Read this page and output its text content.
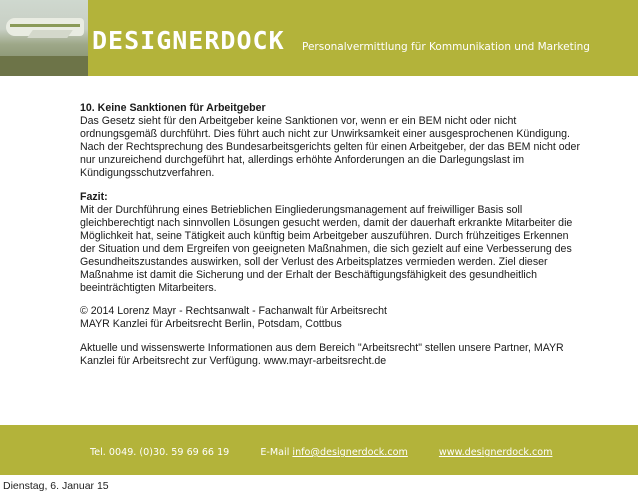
DESIGNERDOCK Personalvermittlung für Kommunikation und Marketing

10. Keine Sanktionen für Arbeitgeber
Das Gesetz sieht für den Arbeitgeber keine Sanktionen vor, wenn er ein BEM nicht oder nicht ordnungsgemäß durchführt. Dies führt auch nicht zur Unwirksamkeit einer ausgesprochenen Kündigung. Nach der Rechtsprechung des Bundesarbeitsgerichts gelten für einen Arbeitgeber, der das BEM nicht oder nur unzureichend durchgeführt hat, allerdings erhöhte Anforderungen an die Darlegungslast im Kündigungsschutzverfahren.

Fazit:
Mit der Durchführung eines Betrieblichen Eingliederungsmanagement auf freiwilliger Basis soll gleichberechtigt nach sinnvollen Lösungen gesucht werden, damit der dauerhaft erkrankte Mitarbeiter die Möglichkeit hat, seine Tätigkeit auch künftig beim Arbeitgeber auszuführen. Durch frühzeitiges Erkennen der Situation und dem Ergreifen von geeigneten Maßnahmen, die sich gezielt auf eine Verbesserung des Gesundheitszustandes auswirken, soll der Verlust des Arbeitsplatzes vermieden werden. Ziel dieser Maßnahme ist damit die Sicherung und der Erhalt der Beschäftigungsfähigkeit des gesundheitlich beeinträchtigten Mitarbeiters.

© 2014 Lorenz Mayr - Rechtsanwalt - Fachanwalt für Arbeitsrecht
MAYR Kanzlei für Arbeitsrecht Berlin, Potsdam, Cottbus

Aktuelle und wissenswerte Informationen aus dem Bereich "Arbeitsrecht" stellen unsere Partner, MAYR Kanzlei für Arbeitsrecht zur Verfügung. www.mayr-arbeitsrecht.de

Tel. 0049. (0)30. 59 69 66 19	E-Mail info@designerdock.com	www.designerdock.com
Dienstag, 6. Januar 15
